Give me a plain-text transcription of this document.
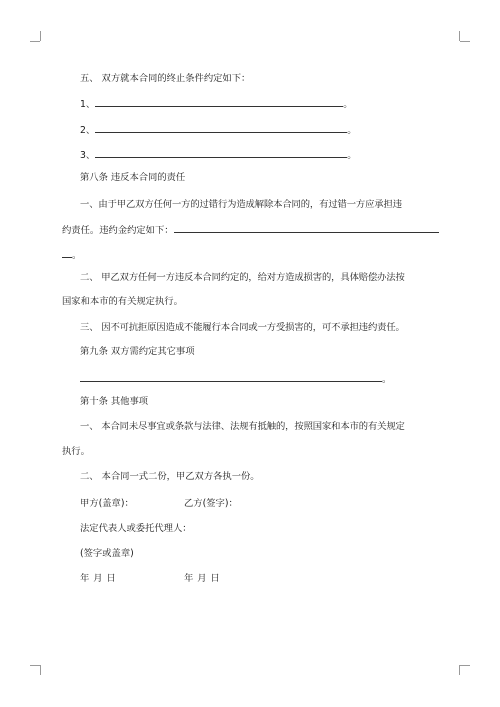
五、 双方就本合同的终止条件约定如下：
1、	。
2、	。
3、	。
第八条 违反本合同的责任
一、由于甲乙双方任何一方的过错行为造成解除本合同的，有过错一方应承担违
约责任。违约金约定如下：
。
二、 甲乙双方任何一方违反本合同约定的，给对方造成损害的，具体赔偿办法按
国家和本市的有关规定执行。
三、 因不可抗拒原因造成不能履行本合同或一方受损害的，可不承担违约责任。
第九条 双方需约定其它事项
。
第十条 其他事项
一、 本合同未尽事宜或条款与法律、法规有抵触的，按照国家和本市的有关规定
执行。
二、 本合同一式二份，甲乙双方各执一份。
甲方(盖章)：	乙方(签字)：
法定代表人或委托代理人：
(签字或盖章)
年 月 日	年 月 日
